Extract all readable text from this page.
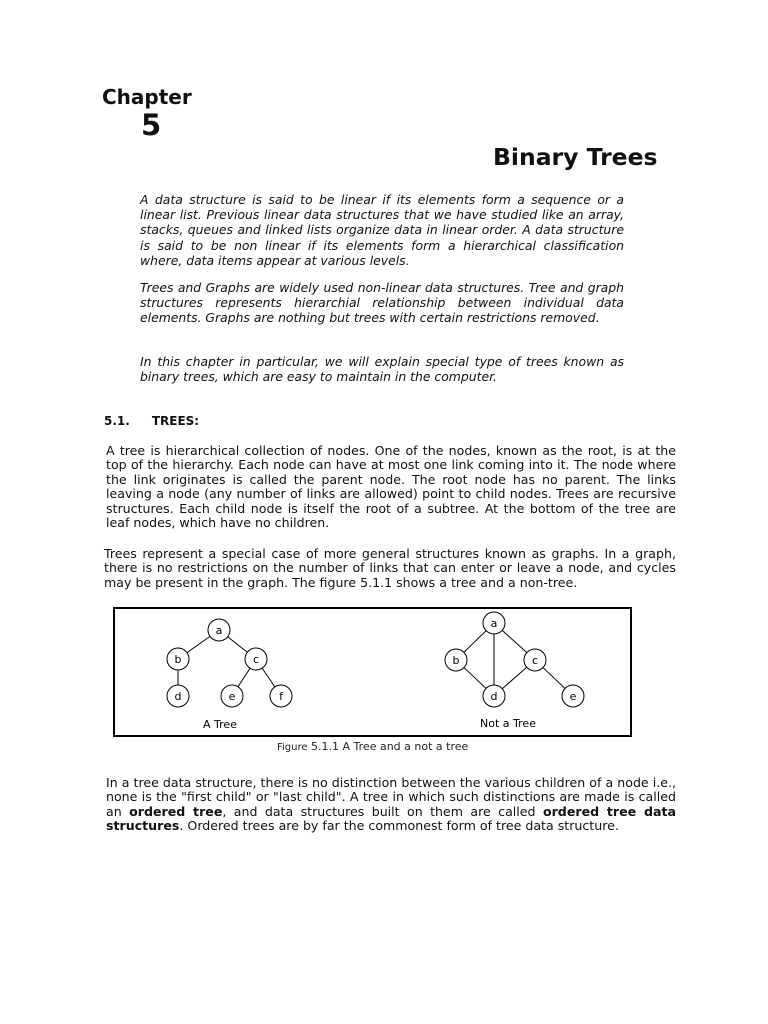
Chapter
5
Binary Trees

A data structure is said to be linear if its elements form a sequence or a linear list. Previous linear data structures that we have studied like an array, stacks, queues and linked lists organize data in linear order. A data structure is said to be non linear if its elements form a hierarchical classification where, data items appear at various levels.

Trees and Graphs are widely used non-linear data structures. Tree and graph structures represents hierarchial relationship between individual data elements. Graphs are nothing but trees with certain restrictions removed.

In this chapter in particular, we will explain special type of trees known as binary trees, which are easy to maintain in the computer.

5.1. TREES:

A tree is hierarchical collection of nodes. One of the nodes, known as the root, is at the top of the hierarchy. Each node can have at most one link coming into it. The node where the link originates is called the parent node. The root node has no parent. The links leaving a node (any number of links are allowed) point to child nodes. Trees are recursive structures. Each child node is itself the root of a subtree. At the bottom of the tree are leaf nodes, which have no children.

Trees represent a special case of more general structures known as graphs. In a graph, there is no restrictions on the number of links that can enter or leave a node, and cycles may be present in the graph. The figure 5.1.1 shows a tree and a non-tree.

a
b	c
d	e	f
a
b	c
d	e
A Tree	Not a Tree
Figure 5.1.1 A Tree and a not a tree

In a tree data structure, there is no distinction between the various children of a node i.e., none is the "first child" or "last child". A tree in which such distinctions are made is called an ordered tree, and data structures built on them are called ordered tree data structures. Ordered trees are by far the commonest form of tree data structure.
